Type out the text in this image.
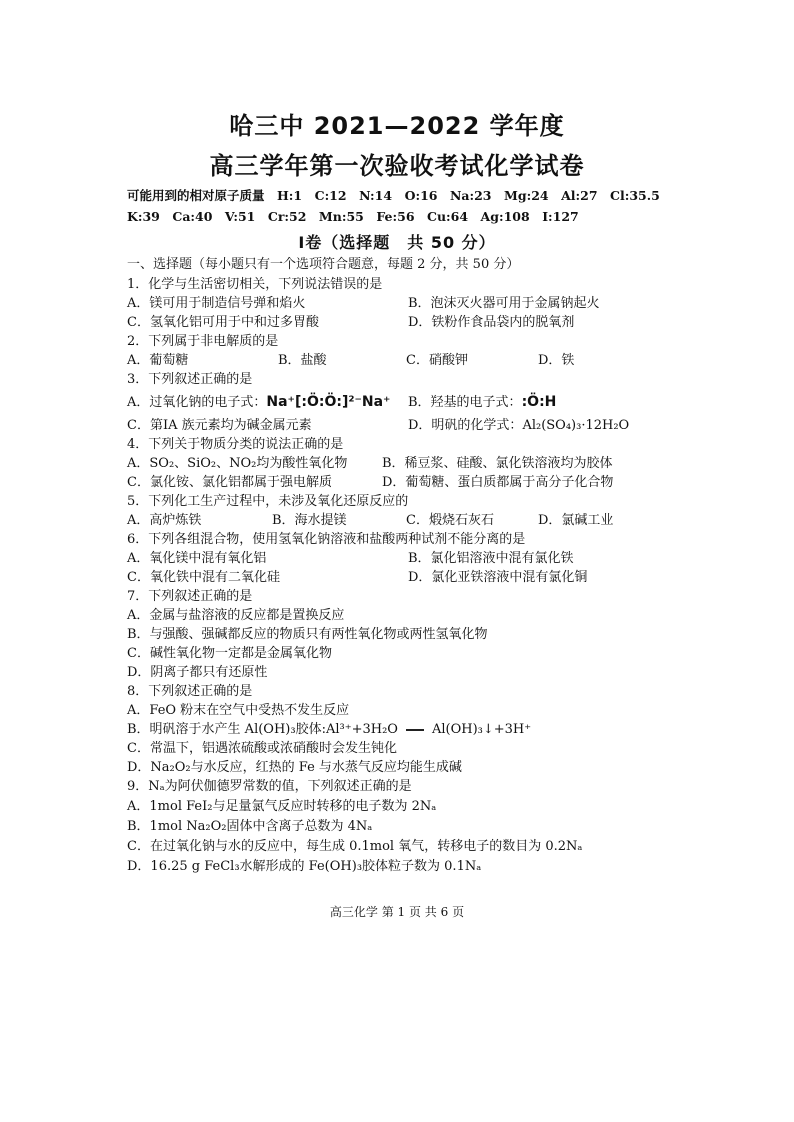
哈三中 2021—2022 学年度
高三学年第一次验收考试化学试卷
可能用到的相对原子质量　H:1　C:12　N:14　O:16　Na:23　Mg:24　Al:27　Cl:35.5
K:39　Ca:40　V:51　Cr:52　Mn:55　Fe:56　Cu:64　Ag:108　I:127
Ⅰ卷（选择题　共 50 分）
一、选择题（每小题只有一个选项符合题意，每题 2 分，共 50 分）
1．化学与生活密切相关，下列说法错误的是
A．镁可用于制造信号弹和焰火	B．泡沫灭火器可用于金属钠起火
C．氢氧化铝可用于中和过多胃酸	D．铁粉作食品袋内的脱氧剂
2．下列属于非电解质的是
A．葡萄糖	B．盐酸	C．硝酸钾	D．铁
3．下列叙述正确的是
A．过氧化钠的电子式：Na⁺[:Ö:Ö:]²⁻Na⁺ B．羟基的电子式：:Ö:H
C．第IA 族元素均为碱金属元素	D．明矾的化学式：Al₂(SO₄)₃·12H₂O
4．下列关于物质分类的说法正确的是
A．SO₂、SiO₂、NO₂均为酸性氧化物	B．稀豆浆、硅酸、氯化铁溶液均为胶体
C．氯化铵、氯化铝都属于强电解质	D．葡萄糖、蛋白质都属于高分子化合物
5．下列化工生产过程中，未涉及氧化还原反应的
A．高炉炼铁	B．海水提镁	C．煅烧石灰石	D．氯碱工业
6．下列各组混合物，使用氢氧化钠溶液和盐酸两种试剂不能分离的是
A．氧化镁中混有氧化铝	B．氯化铝溶液中混有氯化铁
C．氧化铁中混有二氧化硅	D．氯化亚铁溶液中混有氯化铜
7．下列叙述正确的是
A．金属与盐溶液的反应都是置换反应
B．与强酸、强碱都反应的物质只有两性氧化物或两性氢氧化物
C．碱性氧化物一定都是金属氧化物
D．阴离子都只有还原性
8．下列叙述正确的是
A．FeO 粉末在空气中受热不发生反应
B．明矾溶于水产生 Al(OH)₃胶体:Al³⁺+3H₂O	Al(OH)₃↓+3H⁺
C．常温下，铝遇浓硫酸或浓硝酸时会发生钝化
D．Na₂O₂与水反应，红热的 Fe 与水蒸气反应均能生成碱
9．Nₐ为阿伏伽德罗常数的值，下列叙述正确的是
A．1mol FeI₂与足量氯气反应时转移的电子数为 2Nₐ
B．1mol Na₂O₂固体中含离子总数为 4Nₐ
C．在过氧化钠与水的反应中，每生成 0.1mol 氧气，转移电子的数目为 0.2Nₐ
D．16.25 g FeCl₃水解形成的 Fe(OH)₃胶体粒子数为 0.1Nₐ
高三化学 第 1 页 共 6 页
